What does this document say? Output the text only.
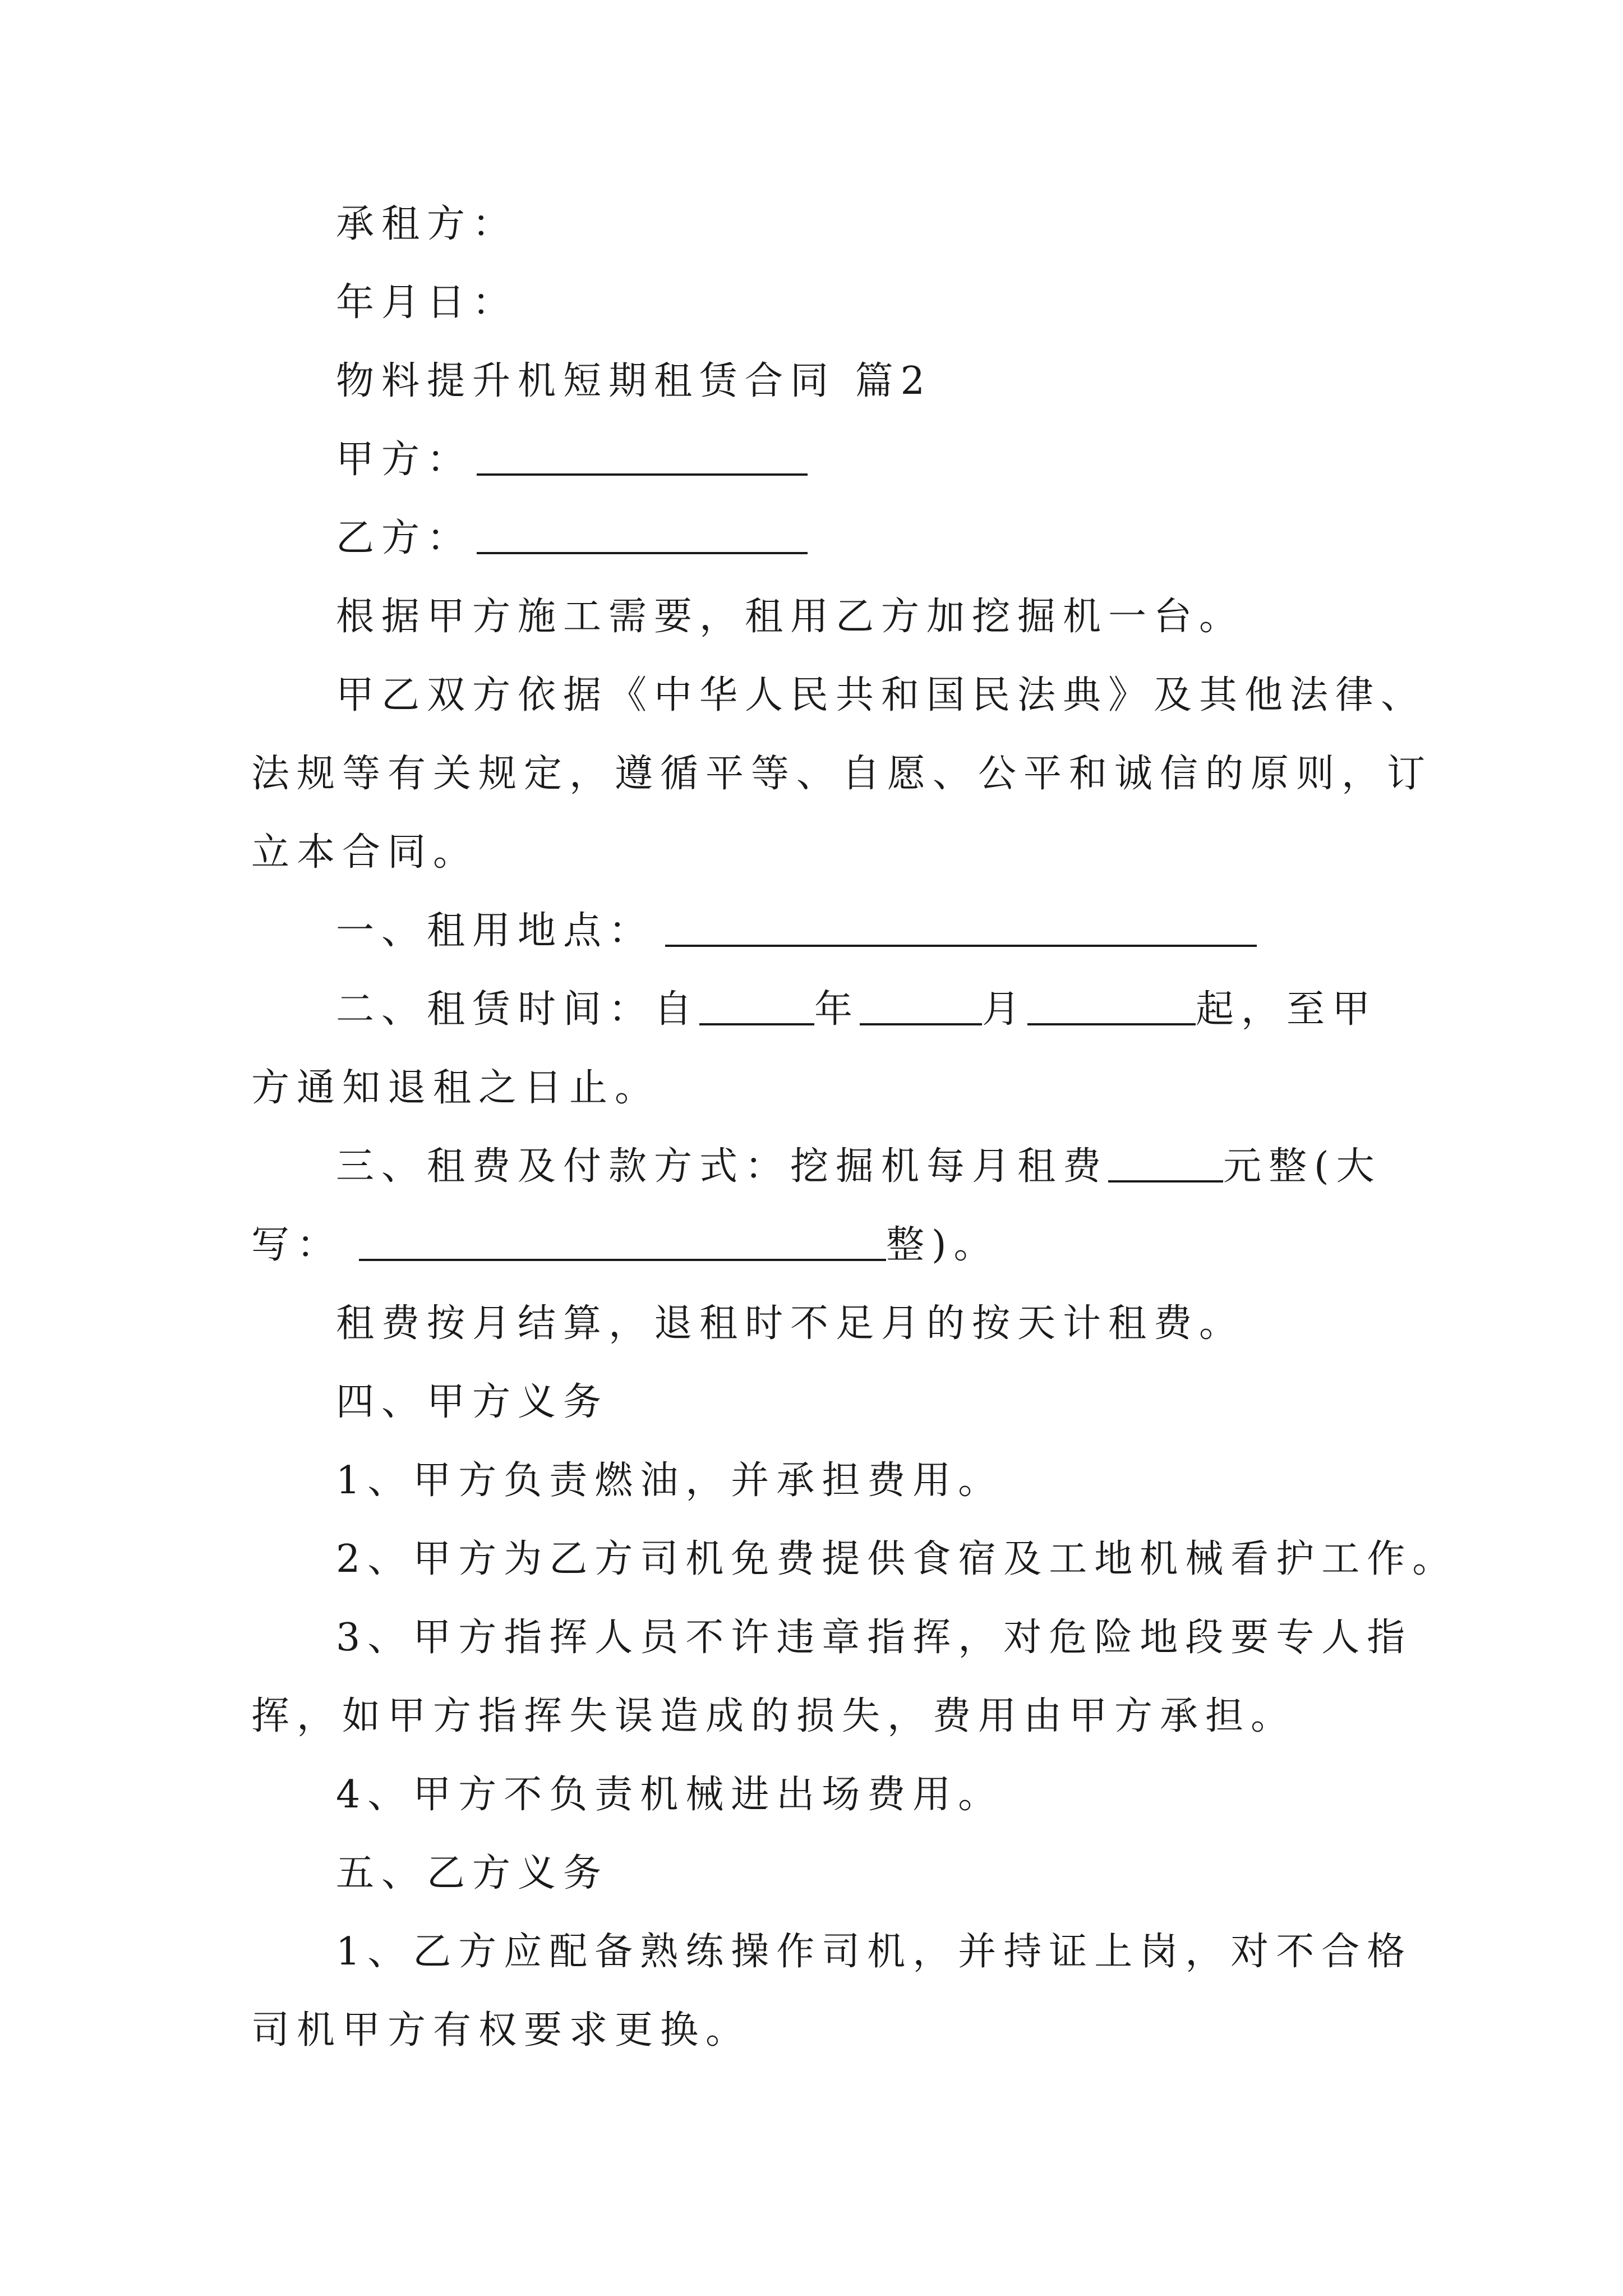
承租方：
年月日：
物料提升机短期租赁合同 篇2
甲方：
乙方：
根据甲方施工需要，租用乙方加挖掘机一台。
甲乙双方依据《中华人民共和国民法典》及其他法律、
法规等有关规定，遵循平等、自愿、公平和诚信的原则，订
立本合同。
一、租用地点：
二、租赁时间：自	年	月	起，至甲
方通知退租之日止。
三、租费及付款方式：挖掘机每月租费	元整(大
写：	整)。
租费按月结算，退租时不足月的按天计租费。
四、甲方义务
1、甲方负责燃油，并承担费用。
2、甲方为乙方司机免费提供食宿及工地机械看护工作。
3、甲方指挥人员不许违章指挥，对危险地段要专人指
挥，如甲方指挥失误造成的损失，费用由甲方承担。
4、甲方不负责机械进出场费用。
五、乙方义务
1、乙方应配备熟练操作司机，并持证上岗，对不合格
司机甲方有权要求更换。
